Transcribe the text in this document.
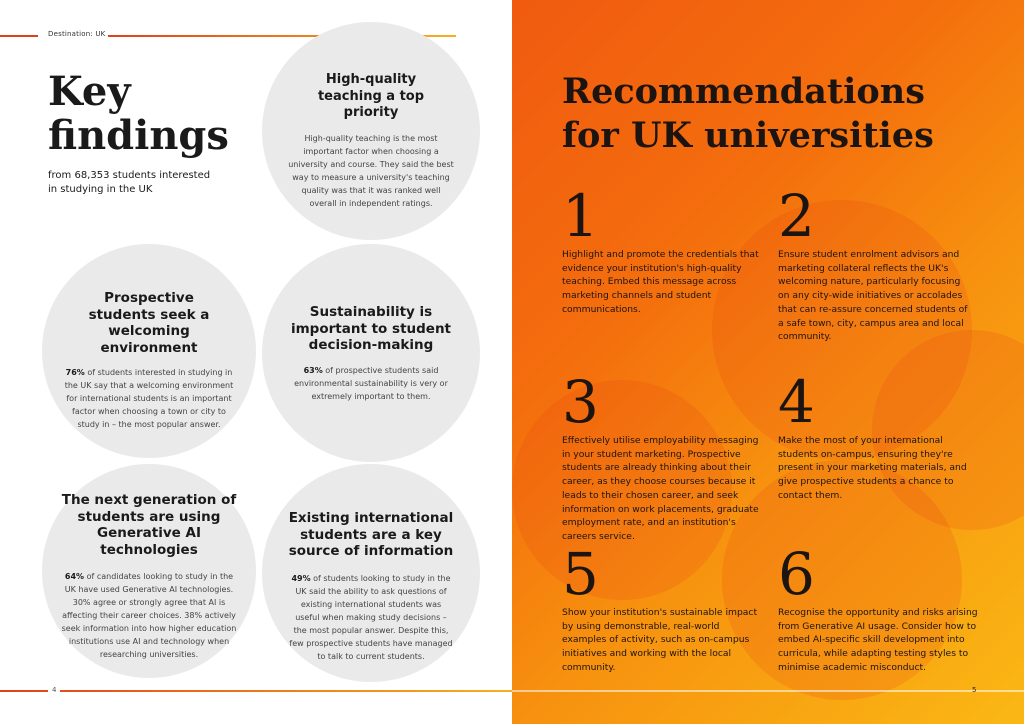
Destination: UK
Key
findings

from 68,353 students interested in studying in the UK

High-quality teaching a top priority
High-quality teaching is the most important factor when choosing a university and course. They said the best way to measure a university's teaching quality was that it was ranked well overall in independent ratings.
Prospective students seek a welcoming environment
76% of students interested in studying in the UK say that a welcoming environment for international students is an important factor when choosing a town or city to study in – the most popular answer.
Sustainability is important to student decision-making
63% of prospective students said environmental sustainability is very or extremely important to them.
The next generation of students are using Generative AI technologies
64% of candidates looking to study in the UK have used Generative AI technologies. 30% agree or strongly agree that AI is affecting their career choices. 38% actively seek information into how higher education institutions use AI and technology when researching universities.
Existing international students are a key source of information
49% of students looking to study in the UK said the ability to ask questions of existing international students was useful when making study decisions – the most popular answer. Despite this, few prospective students have managed to talk to current students.
4
Recommendations
for UK universities
1
Highlight and promote the credentials that evidence your institution's high-quality teaching. Embed this message across marketing channels and student communications.
2
Ensure student enrolment advisors and marketing collateral reflects the UK's welcoming nature, particularly focusing on any city-wide initiatives or accolades that can re-assure concerned students of a safe town, city, campus area and local community.
3
Effectively utilise employability messaging in your student marketing. Prospective students are already thinking about their career, as they choose courses because it leads to their chosen career, and seek information on work placements, graduate employment rate, and an institution's careers service.
4
Make the most of your international students on-campus, ensuring they're present in your marketing materials, and give prospective students a chance to contact them.
5
Show your institution's sustainable impact by using demonstrable, real-world examples of activity, such as on-campus initiatives and working with the local community.
6
Recognise the opportunity and risks arising from Generative AI usage. Consider how to embed AI-specific skill development into curricula, while adapting testing styles to minimise academic misconduct.
5
